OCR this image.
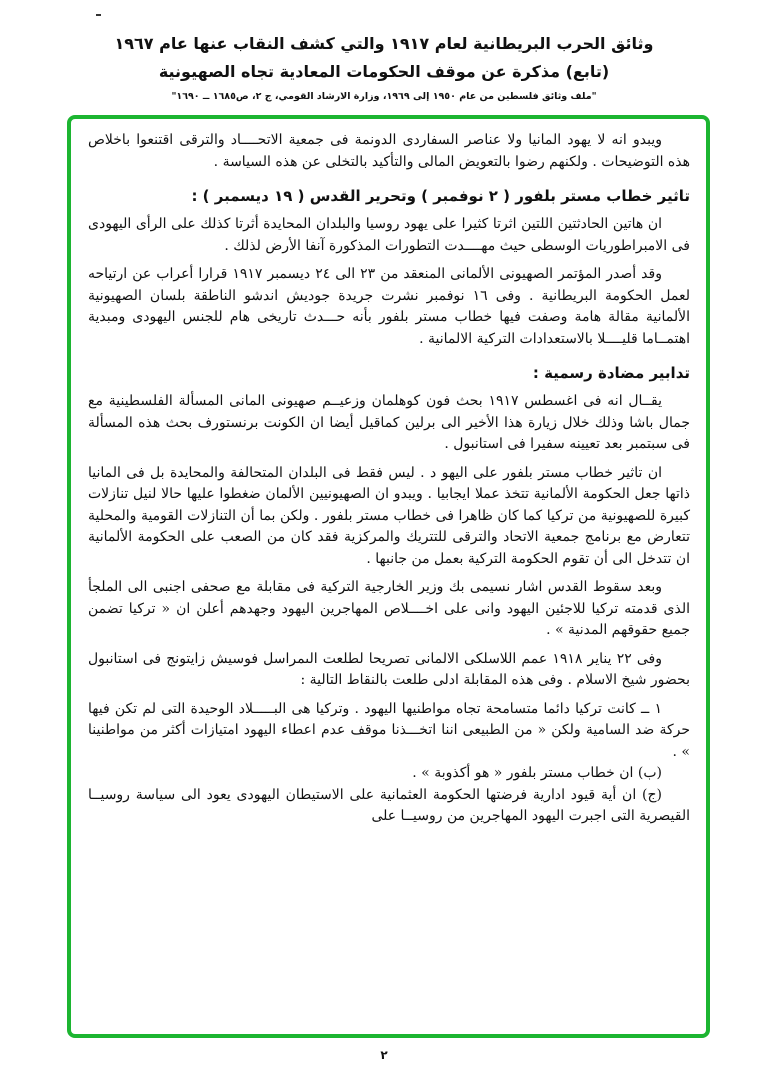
وثائق الحرب البريطانية لعام ١٩١٧ والتي كشف النقاب عنها عام ١٩٦٧
(تابع) مذكرة عن موقف الحكومات المعادية تجاه الصهيونية
"ملف وثائق فلسطين من عام ١٩٥٠ إلى ١٩٦٩، وزارة الارشاد القومي، ج ٢، ص١٦٨٥ ــ ١٦٩٠"

ويبدو انه لا يهود المانيا ولا عناصر السفاردى الدونمة فى جمعية الاتحــــاد والترقى اقتنعوا باخلاص هذه التوضيحات . ولكنهم رضوا بالتعويض المالى والتأكيد بالتخلى عن هذه السياسة .

تاثير خطاب مستر بلفور ( ٢ نوفمبر ) وتحرير القدس ( ١٩ ديسمبر ) :

ان هاتين الحادثتين اللتين اثرتا كثيرا على يهود روسيا والبلدان المحايدة أثرتا كذلك على الرأى اليهودى فى الامبراطوريات الوسطى حيث مهــــدت التطورات المذكورة آنفا الأرض لذلك .

وقد أصدر المؤتمر الصهيونى الألمانى المنعقد من ٢٣ الى ٢٤ ديسمبر ١٩١٧ قرارا أعراب عن ارتياحه لعمل الحكومة البريطانية . وفى ١٦ نوفمبر نشرت جريدة جوديش اندشو الناطقة بلسان الصهيونية الألمانية مقالة هامة وصفت فيها خطاب مستر بلفور بأنه حـــدث تاريخى هام للجنس اليهودى ومبدية اهتمــاما قليــــلا بالاستعدادات التركية الالمانية .

تدابير مضادة رسمية :

يقــال انه فى اغسطس ١٩١٧ بحث فون كوهلمان وزعيــم صهيونى المانى المسألة الفلسطينية مع جمال باشا وذلك خلال زيارة هذا الأخير الى برلين كماقيل أيضا ان الكونت برنستورف بحث هذه المسألة فى سبتمبر بعد تعيينه سفيرا فى استانبول .

ان تاثير خطاب مستر بلفور على اليهو د . ليس فقط فى البلدان المتحالفة والمحايدة بل فى المانيا ذاتها جعل الحكومة الألمانية تتخذ عملا ايجابيا . ويبدو ان الصهيونيين الألمان ضغطوا عليها حالا لنيل تنازلات كبيرة للصهيونية من تركيا كما كان ظاهرا فى خطاب مستر بلفور . ولكن بما أن التنازلات القومية والمحلية تتعارض مع برنامج جمعية الاتحاد والترقى للتتريك والمركزية فقد كان من الصعب على الحكومة الألمانية ان تتدخل الى أن تقوم الحكومة التركية بعمل من جانبها .

وبعد سقوط القدس اشار نسيمى بك وزير الخارجية التركية فى مقابلة مع صحفى اجنبى الى الملجأ الذى قدمته تركيا للاجئين اليهود وانى على اخــــلاص المهاجرين اليهود وجهدهم أعلن ان « تركيا تضمن جميع حقوقهم المدنية » .

وفى ٢٢ يناير ١٩١٨ عمم اللاسلكى الالمانى تصريحا لطلعت الىمراسل فوسيش زايتونج فى استانبول بحضور شيخ الاسلام . وفى هذه المقابلة ادلى طلعت بالنقاط التالية :

١ ــ كانت تركيا دائما متسامحة تجاه مواطنيها اليهود . وتركيا هى البـــــلاد الوحيدة التى لم تكن فيها حركة ضد السامية ولكن « من الطبيعى اننا اتخـــذنا موقف عدم اعطاء اليهود امتيازات أكثر من مواطنينا » .

(ب) ان خطاب مستر بلفور « هو أكذوبة » .

(ج) ان أية قيود ادارية فرضتها الحكومة العثمانية على الاستيطان اليهودى يعود الى سياسة روسيــا القيصرية التى اجبرت اليهود المهاجرين من روسيــا على

٢
